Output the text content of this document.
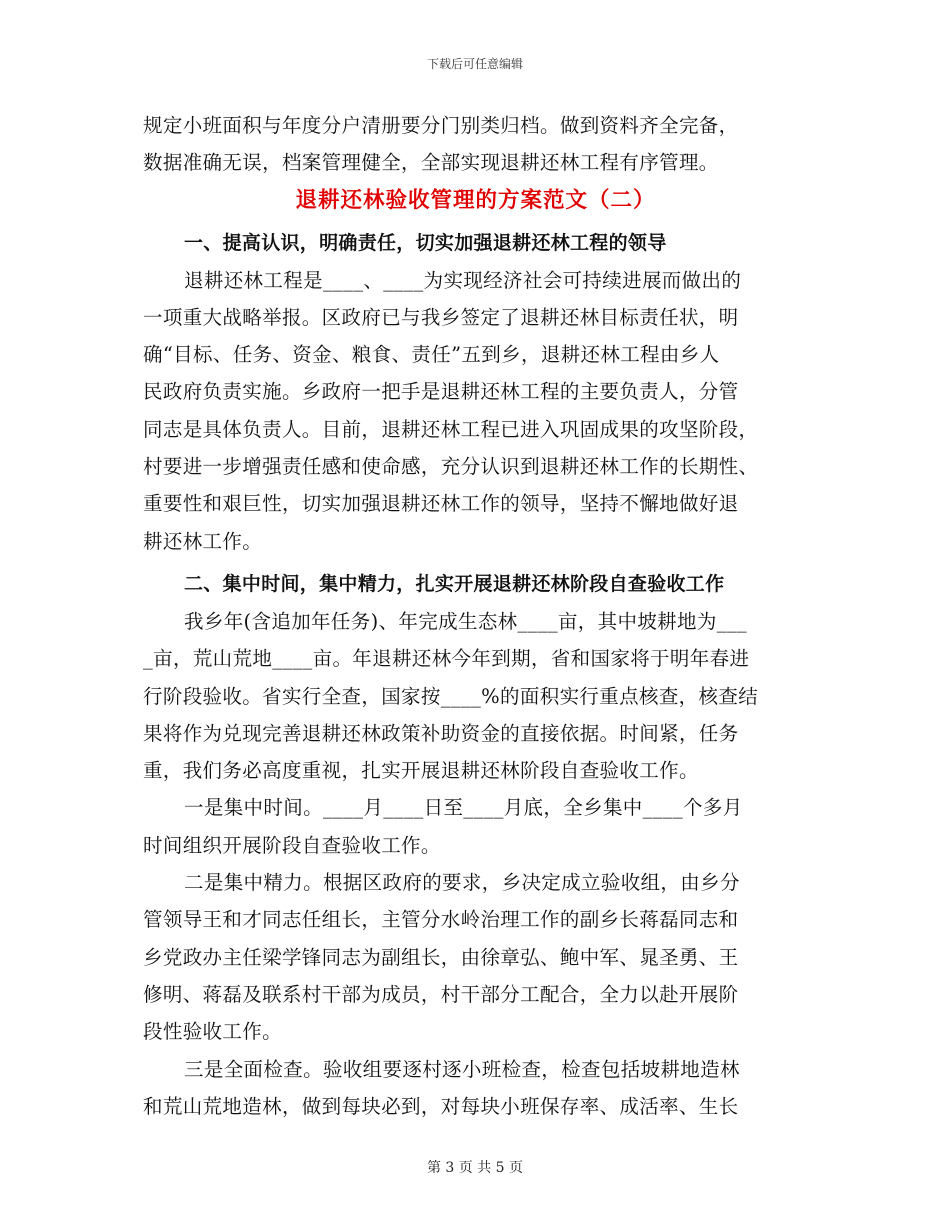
下载后可任意编辑
规定小班面积与年度分户清册要分门别类归档。做到资料齐全完备，
数据准确无误，档案管理健全，全部实现退耕还林工程有序管理。
退耕还林验收管理的方案范文（二）
一、提高认识，明确责任，切实加强退耕还林工程的领导
退耕还林工程是____、____为实现经济社会可持续进展而做出的
一项重大战略举报。区政府已与我乡签定了退耕还林目标责任状，明
确“目标、任务、资金、粮食、责任”五到乡，退耕还林工程由乡人
民政府负责实施。乡政府一把手是退耕还林工程的主要负责人，分管
同志是具体负责人。目前，退耕还林工程已进入巩固成果的攻坚阶段，
村要进一步增强责任感和使命感，充分认识到退耕还林工作的长期性、
重要性和艰巨性，切实加强退耕还林工作的领导，坚持不懈地做好退
耕还林工作。
二、集中时间，集中精力，扎实开展退耕还林阶段自查验收工作
我乡年(含追加年任务)、年完成生态林____亩，其中坡耕地为___
_亩，荒山荒地____亩。年退耕还林今年到期，省和国家将于明年春进
行阶段验收。省实行全查，国家按____%的面积实行重点核查，核查结
果将作为兑现完善退耕还林政策补助资金的直接依据。时间紧，任务
重，我们务必高度重视，扎实开展退耕还林阶段自查验收工作。
一是集中时间。____月____日至____月底，全乡集中____个多月
时间组织开展阶段自查验收工作。
二是集中精力。根据区政府的要求，乡决定成立验收组，由乡分
管领导王和才同志任组长，主管分水岭治理工作的副乡长蒋磊同志和
乡党政办主任梁学锋同志为副组长，由徐章弘、鲍中军、晁圣勇、王
修明、蒋磊及联系村干部为成员，村干部分工配合，全力以赴开展阶
段性验收工作。
三是全面检查。验收组要逐村逐小班检查，检查包括坡耕地造林
和荒山荒地造林，做到每块必到，对每块小班保存率、成活率、生长
第 3 页 共 5 页
